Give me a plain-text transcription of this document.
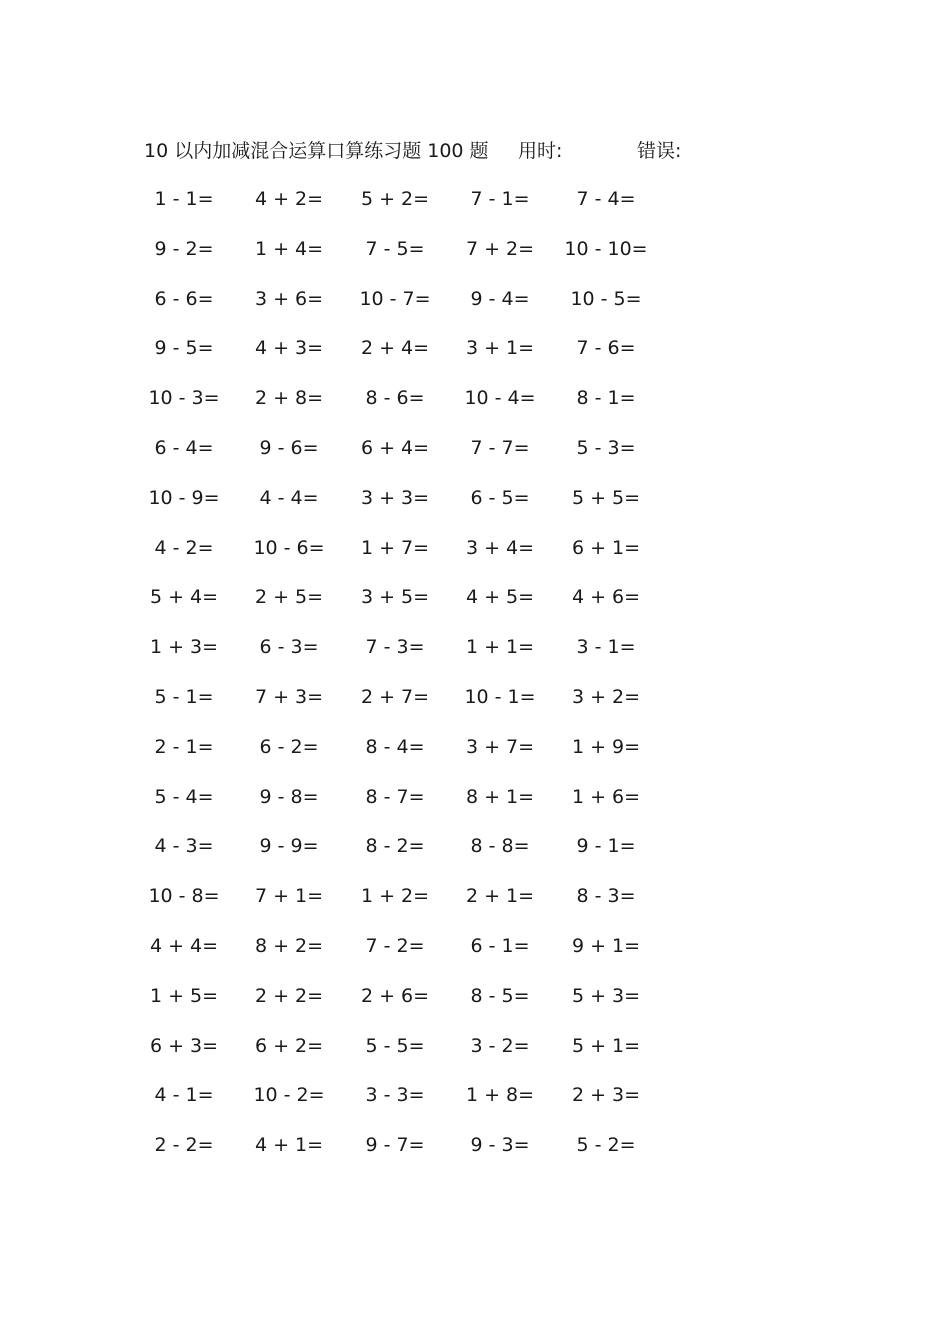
10 以内加减混合运算口算练习题 100 题 用时:	错误:
1 - 1= 4 + 2= 5 + 2= 7 - 1= 7 - 4=
9 - 2= 1 + 4= 7 - 5= 7 + 2= 10 - 10=
6 - 6= 3 + 6= 10 - 7= 9 - 4= 10 - 5=
9 - 5= 4 + 3= 2 + 4= 3 + 1= 7 - 6=
10 - 3= 2 + 8= 8 - 6= 10 - 4= 8 - 1=
6 - 4= 9 - 6= 6 + 4= 7 - 7= 5 - 3=
10 - 9= 4 - 4= 3 + 3= 6 - 5= 5 + 5=
4 - 2= 10 - 6= 1 + 7= 3 + 4= 6 + 1=
5 + 4= 2 + 5= 3 + 5= 4 + 5= 4 + 6=
1 + 3= 6 - 3= 7 - 3= 1 + 1= 3 - 1=
5 - 1= 7 + 3= 2 + 7= 10 - 1= 3 + 2=
2 - 1= 6 - 2= 8 - 4= 3 + 7= 1 + 9=
5 - 4= 9 - 8= 8 - 7= 8 + 1= 1 + 6=
4 - 3= 9 - 9= 8 - 2= 8 - 8= 9 - 1=
10 - 8= 7 + 1= 1 + 2= 2 + 1= 8 - 3=
4 + 4= 8 + 2= 7 - 2= 6 - 1= 9 + 1=
1 + 5= 2 + 2= 2 + 6= 8 - 5= 5 + 3=
6 + 3= 6 + 2= 5 - 5= 3 - 2= 5 + 1=
4 - 1= 10 - 2= 3 - 3= 1 + 8= 2 + 3=
2 - 2= 4 + 1= 9 - 7= 9 - 3= 5 - 2=
